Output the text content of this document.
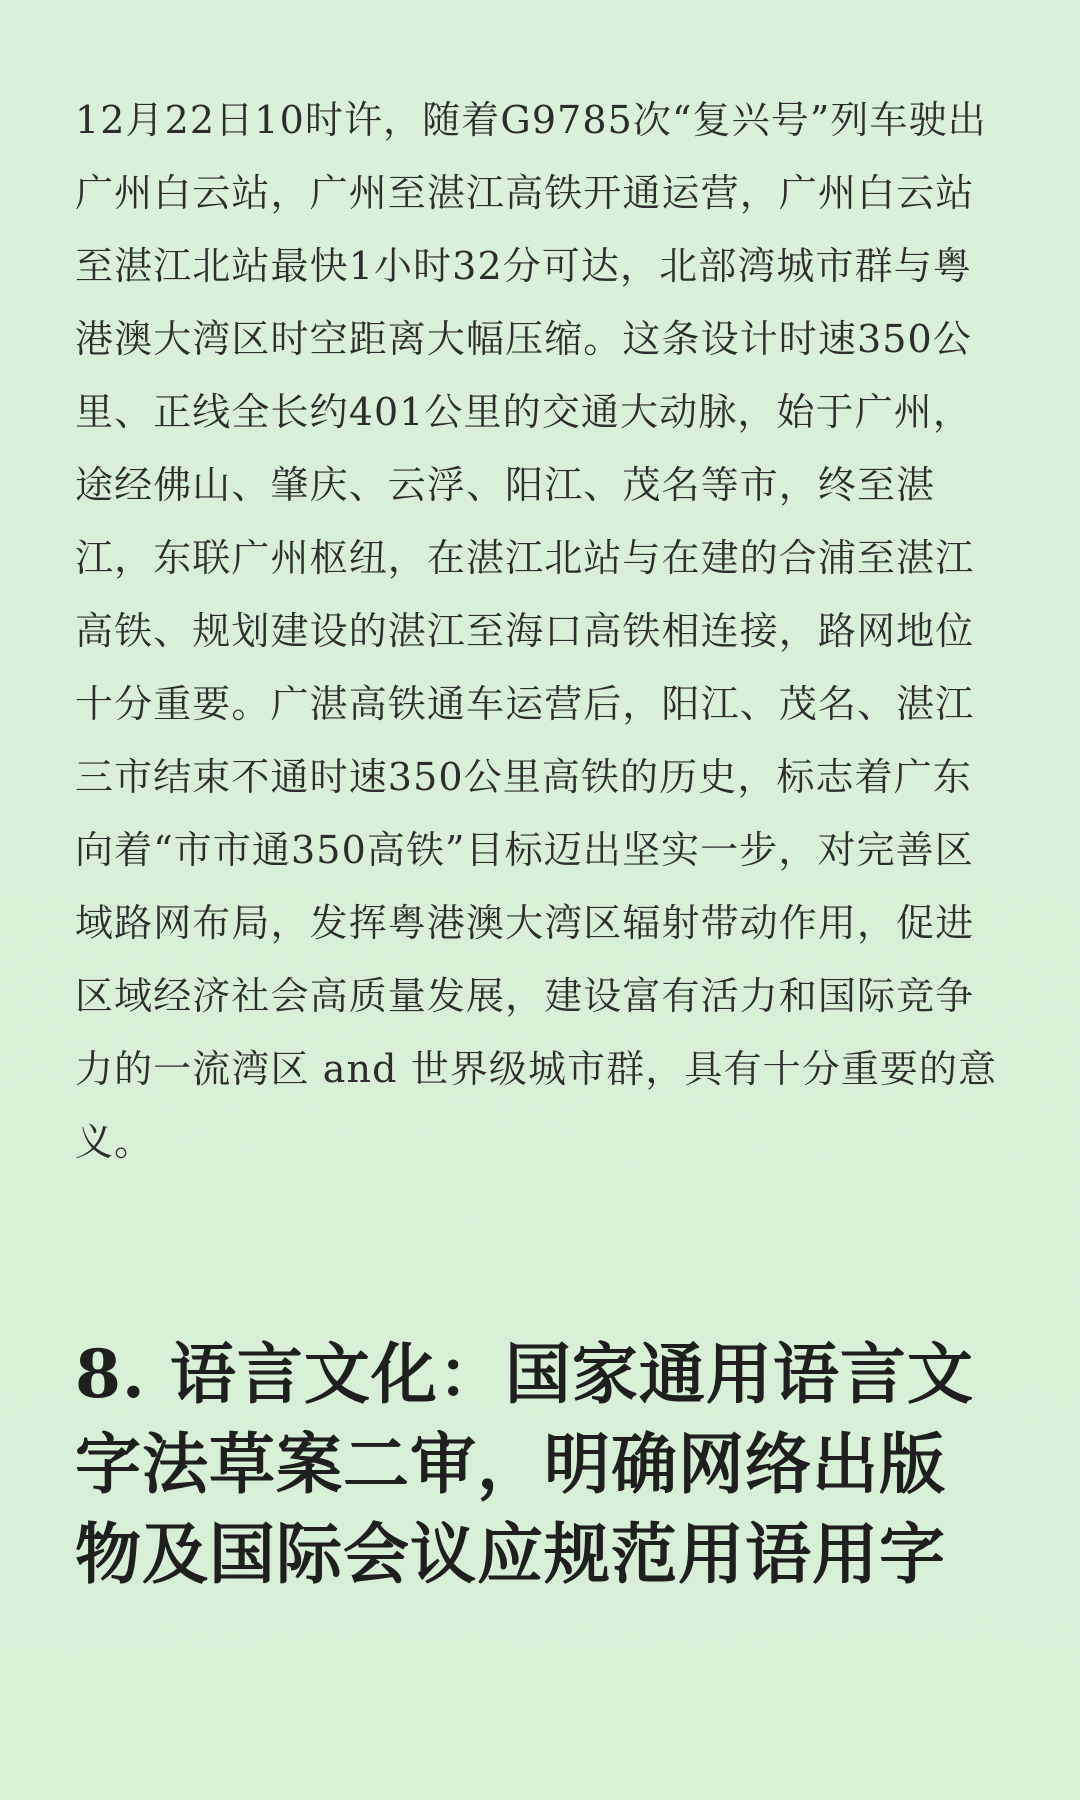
12月22日10时许，随着G9785次“复兴号”列车驶出广州白云站，广州至湛江高铁开通运营，广州白云站至湛江北站最快1小时32分可达，北部湾城市群与粤港澳大湾区时空距离大幅压缩。这条设计时速350公里、正线全长约401公里的交通大动脉，始于广州，途经佛山、肇庆、云浮、阳江、茂名等市，终至湛江，东联广州枢纽，在湛江北站与在建的合浦至湛江高铁、规划建设的湛江至海口高铁相连接，路网地位十分重要。广湛高铁通车运营后，阳江、茂名、湛江三市结束不通时速350公里高铁的历史，标志着广东向着“市市通350高铁”目标迈出坚实一步，对完善区域路网布局，发挥粤港澳大湾区辐射带动作用，促进区域经济社会高质量发展，建设富有活力和国际竞争力的一流湾区 and 世界级城市群，具有十分重要的意义。

8. 语言文化：国家通用语言文字法草案二审，明确网络出版物及国际会议应规范用语用字
